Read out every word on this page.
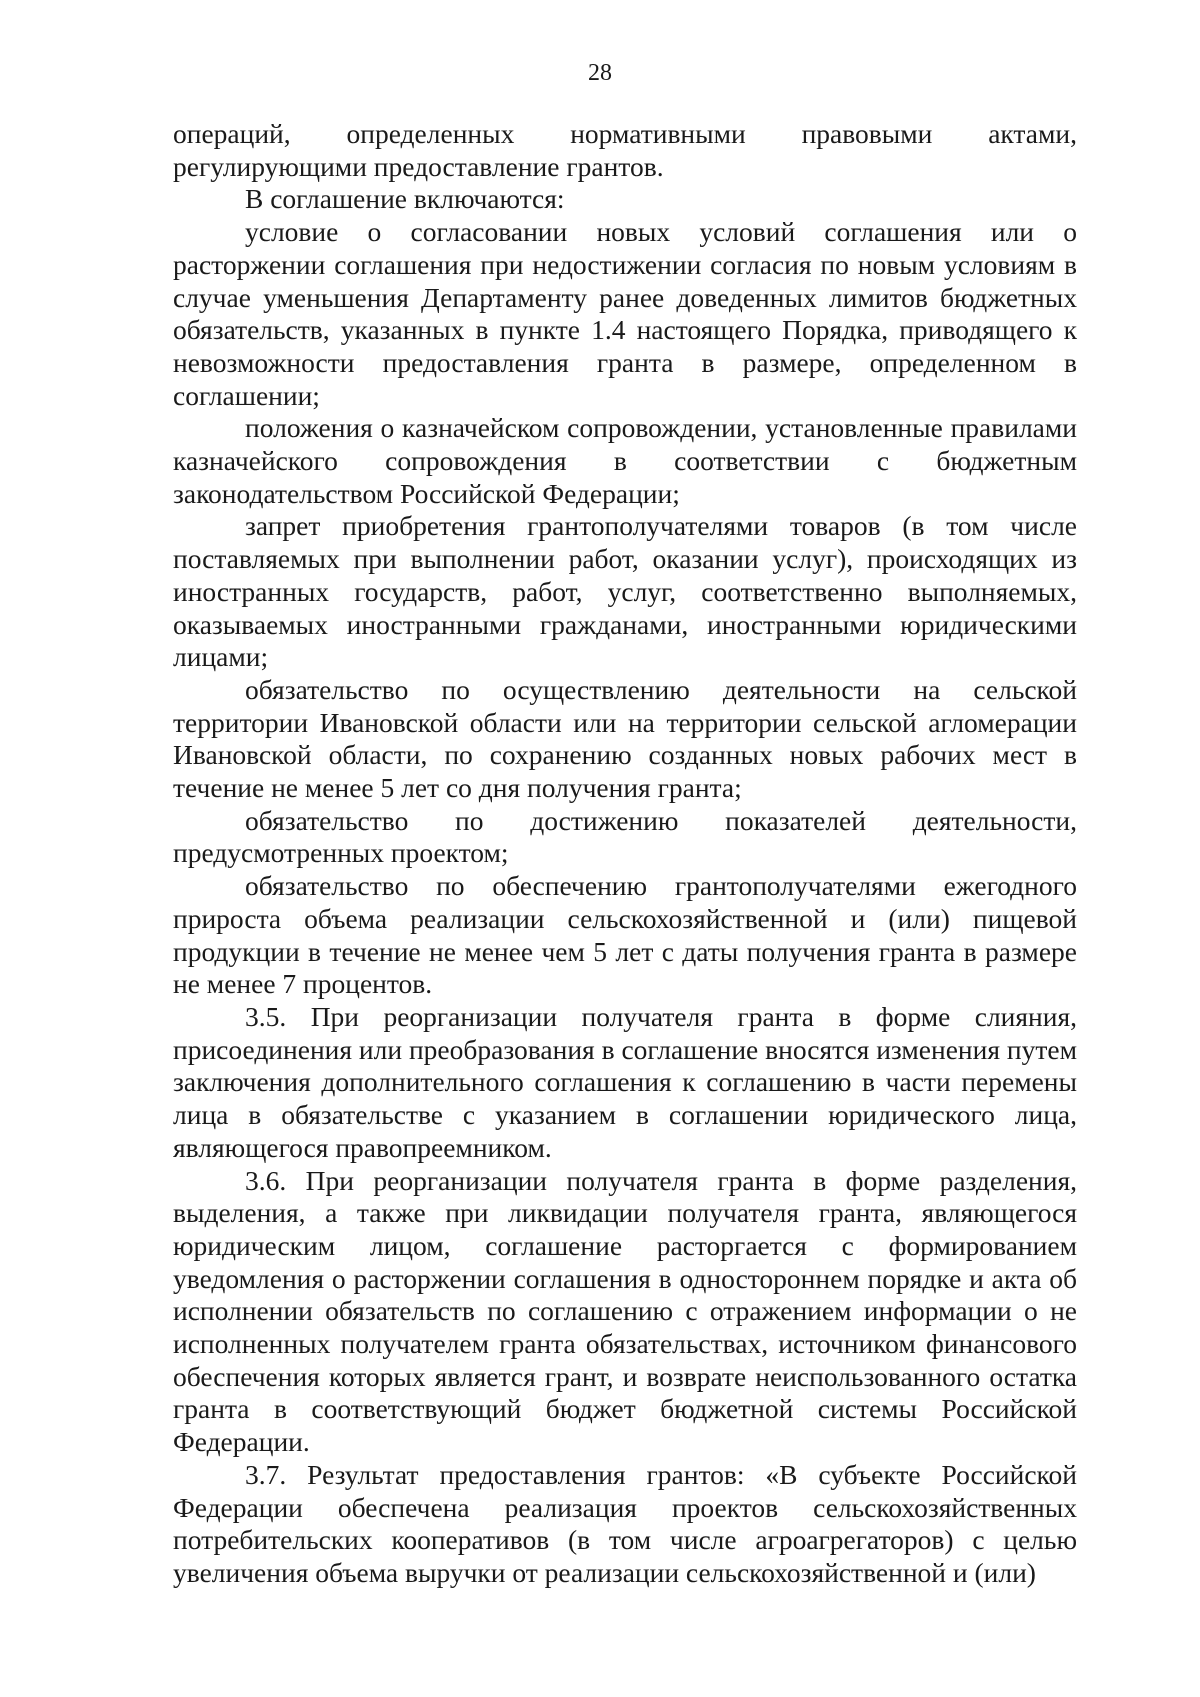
28

операций, определенных нормативными правовыми актами, регулирующими предоставление грантов.

В соглашение включаются:

условие о согласовании новых условий соглашения или о расторжении соглашения при недостижении согласия по новым условиям в случае уменьшения Департаменту ранее доведенных лимитов бюджетных обязательств, указанных в пункте 1.4 настоящего Порядка, приводящего к невозможности предоставления гранта в размере, определенном в соглашении;

положения о казначейском сопровождении, установленные правилами казначейского сопровождения в соответствии с бюджетным законодательством Российской Федерации;

запрет приобретения грантополучателями товаров (в том числе поставляемых при выполнении работ, оказании услуг), происходящих из иностранных государств, работ, услуг, соответственно выполняемых, оказываемых иностранными гражданами, иностранными юридическими лицами;

обязательство по осуществлению деятельности на сельской территории Ивановской области или на территории сельской агломерации Ивановской области, по сохранению созданных новых рабочих мест в течение не менее 5 лет со дня получения гранта;

обязательство по достижению показателей деятельности, предусмотренных проектом;

обязательство по обеспечению грантополучателями ежегодного прироста объема реализации сельскохозяйственной и (или) пищевой продукции в течение не менее чем 5 лет с даты получения гранта в размере не менее 7 процентов.

3.5. При реорганизации получателя гранта в форме слияния, присоединения или преобразования в соглашение вносятся изменения путем заключения дополнительного соглашения к соглашению в части перемены лица в обязательстве с указанием в соглашении юридического лица, являющегося правопреемником.

3.6. При реорганизации получателя гранта в форме разделения, выделения, а также при ликвидации получателя гранта, являющегося юридическим лицом, соглашение расторгается с формированием уведомления о расторжении соглашения в одностороннем порядке и акта об исполнении обязательств по соглашению с отражением информации о не исполненных получателем гранта обязательствах, источником финансового обеспечения которых является грант, и возврате неиспользованного остатка гранта в соответствующий бюджет бюджетной системы Российской Федерации.

3.7. Результат предоставления грантов: «В субъекте Российской Федерации обеспечена реализация проектов сельскохозяйственных потребительских кооперативов (в том числе агроагрегаторов) с целью увеличения объема выручки от реализации сельскохозяйственной и (или)
